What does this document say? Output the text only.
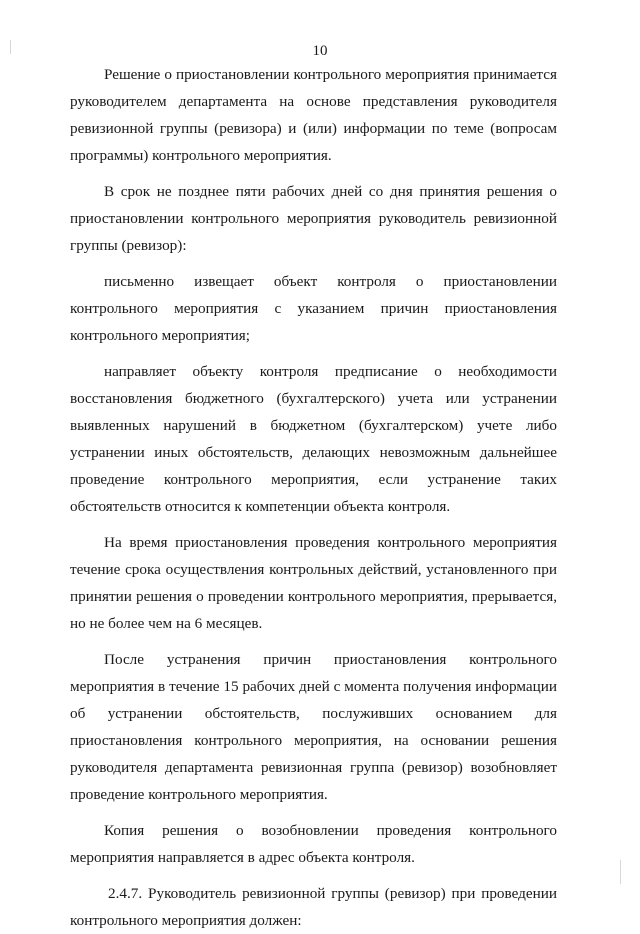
10

Решение о приостановлении контрольного мероприятия принимается руководителем департамента на основе представления руководителя ревизионной группы (ревизора) и (или) информации по теме (вопросам программы) контрольного мероприятия.

В срок не позднее пяти рабочих дней со дня принятия решения о приостановлении контрольного мероприятия руководитель ревизионной группы (ревизор):

письменно извещает объект контроля о приостановлении контрольного мероприятия с указанием причин приостановления контрольного мероприятия;

направляет объекту контроля предписание о необходимости восстановления бюджетного (бухгалтерского) учета или устранении выявленных нарушений в бюджетном (бухгалтерском) учете либо устранении иных обстоятельств, делающих невозможным дальнейшее проведение контрольного мероприятия, если устранение таких обстоятельств относится к компетенции объекта контроля.

На время приостановления проведения контрольного мероприятия течение срока осуществления контрольных действий, установленного при принятии решения о проведении контрольного мероприятия, прерывается, но не более чем на 6 месяцев.

После устранения причин приостановления контрольного мероприятия в течение 15 рабочих дней с момента получения информации об устранении обстоятельств, послуживших основанием для приостановления контрольного мероприятия, на основании решения руководителя департамента ревизионная группа (ревизор) возобновляет проведение контрольного мероприятия.

Копия решения о возобновлении проведения контрольного мероприятия направляется в адрес объекта контроля.

2.4.7. Руководитель ревизионной группы (ревизор) при проведении контрольного мероприятия должен:
